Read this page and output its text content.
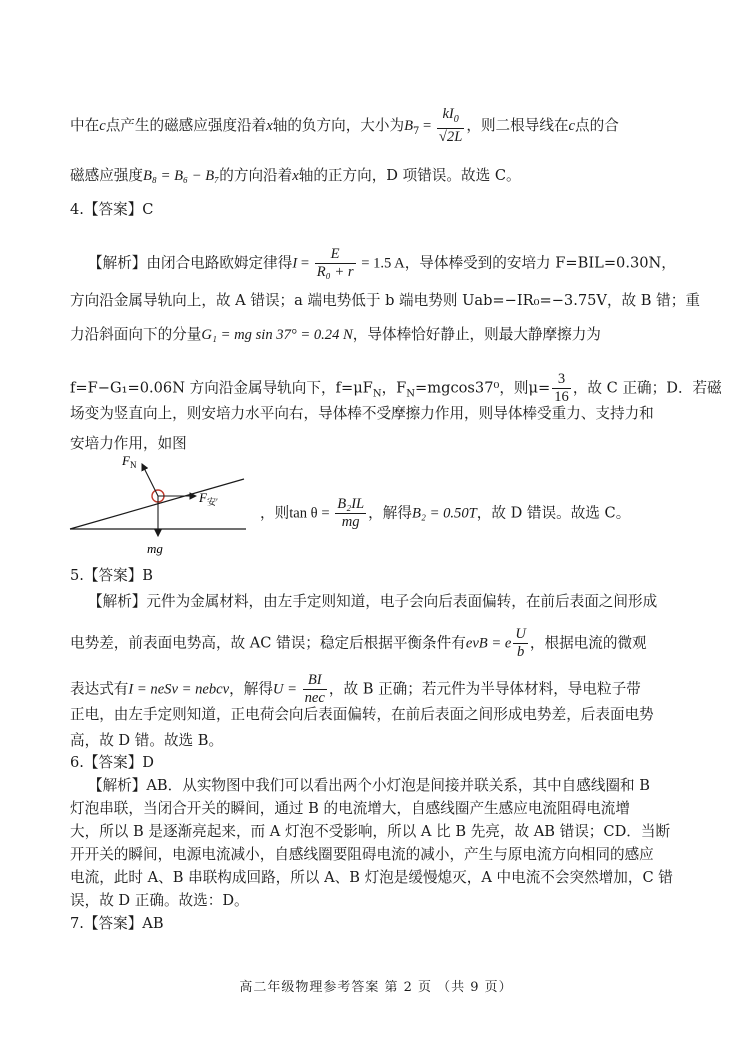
中在c点产生的磁感应强度沿着x轴的负方向，大小为$B_7 = \frac{kI_0}{√2L}$ ，则二根导线在c点的合
磁感应强度B₈ = B₆ − B₇的方向沿着x轴的正方向，D 项错误。故选 C。
4.【答案】C
【解析】由闭合电路欧姆定律得$I = \frac{E}{\text{R₀ + r}} = 1.5$ A，导体棒受到的安培力 F=BIL=0.30N，
方向沿金属导轨向上，故 A 错误；a 端电势低于 b 端电势则 Uab=−IR₀=−3.75V，故 B 错；重
力沿斜面向下的分量G₁ = mg sin 37° = 0.24 N，导体棒恰好静止，则最大静摩擦力为
f=F−G₁=0.06N 方向沿金属导轨向下，$f=\mu F_N$，$F_N=mgcos37^0$，则$\mu= \frac{3}{16}$ ，故 C 正确；D．若磁
场变为竖直向上，则安培力水平向右，导体棒不受摩擦力作用，则导体棒受重力、支持力和
安培力作用，如图
$F_N$
$F_{安'}$
mg
，则$\tan \theta = \frac{\text{B₂IL}}{mg}$ ，解得B₂ = 0.50T，故 D 错误。故选 C。
5.【答案】B
【解析】元件为金属材料，由左手定则知道，电子会向后表面偏转，在前后表面之间形成
电势差，前表面电势高，故 AC 错误；稳定后根据平衡条件有evB = e $\frac{U}{b}$ ，根据电流的微观
表达式有I = neSv = nebcv，解得$U = \frac{BI}{\text{nec}}$ ，故 B 正确；若元件为半导体材料，导电粒子带
正电，由左手定则知道，正电荷会向后表面偏转，在前后表面之间形成电势差，后表面电势
高，故 D 错。故选 B。
6.【答案】D
【解析】AB．从实物图中我们可以看出两个小灯泡是间接并联关系，其中自感线圈和 B
灯泡串联，当闭合开关的瞬间，通过 B 的电流增大，自感线圈产生感应电流阻碍电流增
大，所以 B 是逐渐亮起来，而 A 灯泡不受影响，所以 A 比 B 先亮，故 AB 错误；CD．当断
开开关的瞬间，电源电流减小，自感线圈要阻碍电流的减小，产生与原电流方向相同的感应
电流，此时 A、B 串联构成回路，所以 A、B 灯泡是缓慢熄灭，A 中电流不会突然增加，C 错
误，故 D 正确。故选：D。
7.【答案】AB
高二年级物理参考答案 第 2 页 （共 9 页）
